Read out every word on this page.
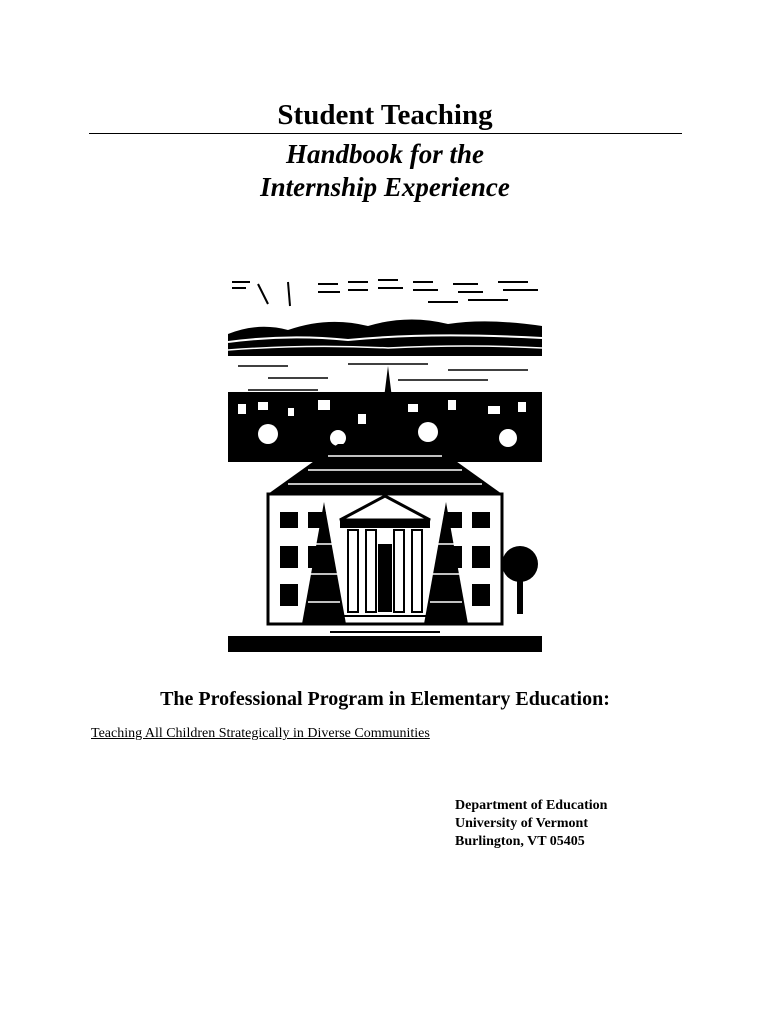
Student Teaching
Handbook for the
Internship Experience
The Professional Program in Elementary Education:
Teaching All Children Strategically in Diverse Communities
Department of Education
University of Vermont
Burlington, VT 05405
